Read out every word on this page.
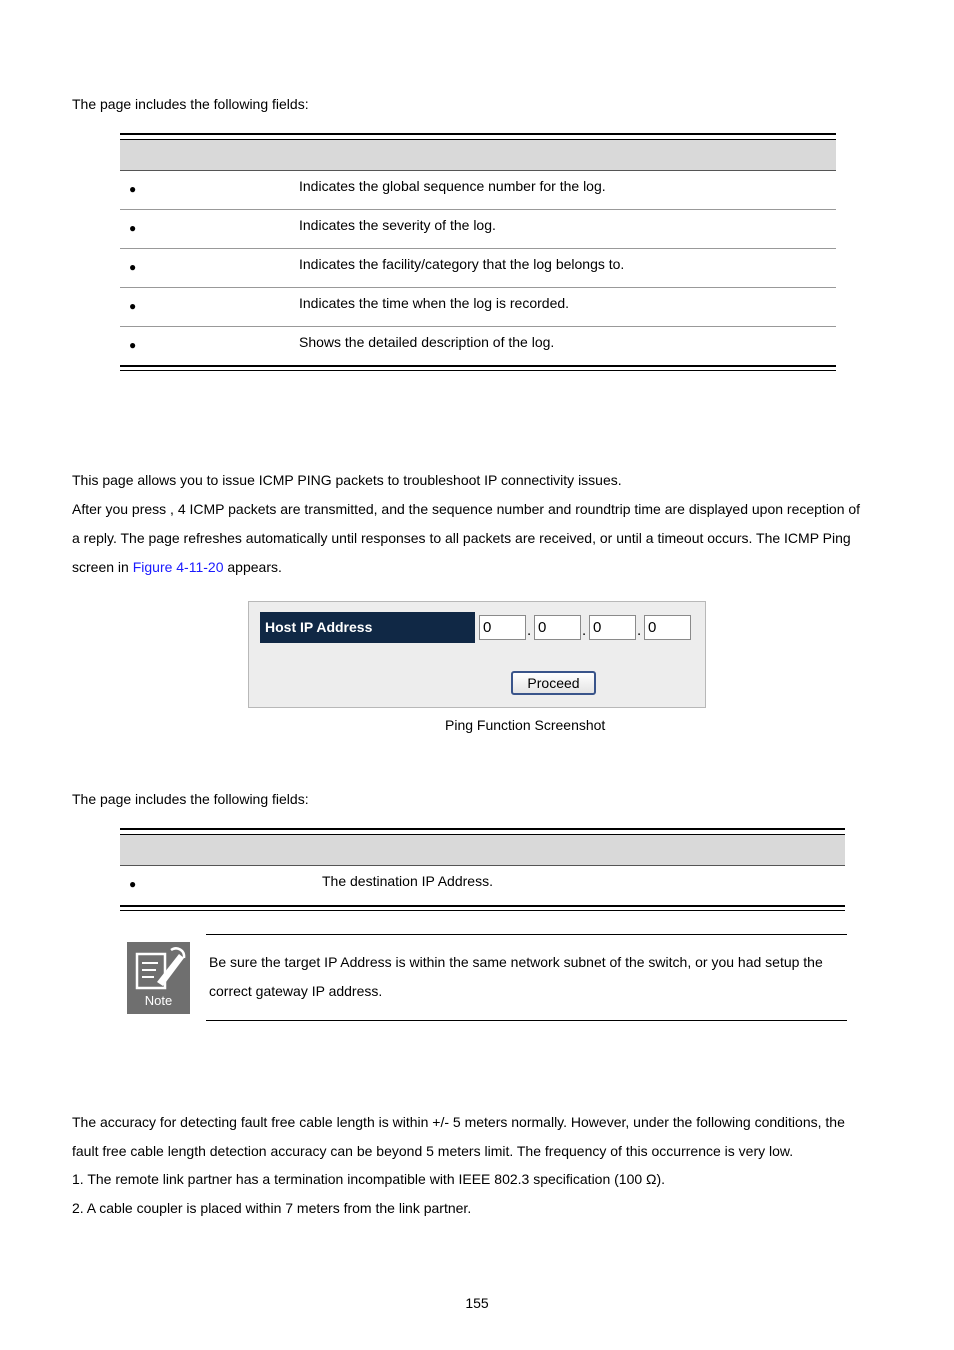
The page includes the following fields:

●	Indicates the global sequence number for the log.
●	Indicates the severity of the log.
●	Indicates the facility/category that the log belongs to.
●	Indicates the time when the log is recorded.
●	Shows the detailed description of the log.

This page allows you to issue ICMP PING packets to troubleshoot IP connectivity issues.

After you press , 4 ICMP packets are transmitted, and the sequence number and roundtrip time are displayed upon reception of

a reply. The page refreshes automatically until responses to all packets are received, or until a timeout occurs. The ICMP Ping

screen in Figure 4-11-20 appears.

Host IP Address
0	.
0	.
0	.
0
Proceed
Ping Function Screenshot

The page includes the following fields:

●	The destination IP Address.
Note

Be sure the target IP Address is within the same network subnet of the switch, or you had setup the

correct gateway IP address.

The accuracy for detecting fault free cable length is within +/- 5 meters normally. However, under the following conditions, the

fault free cable length detection accuracy can be beyond 5 meters limit. The frequency of this occurrence is very low.

1. The remote link partner has a termination incompatible with IEEE 802.3 specification (100 Ω).

2. A cable coupler is placed within 7 meters from the link partner.

155
